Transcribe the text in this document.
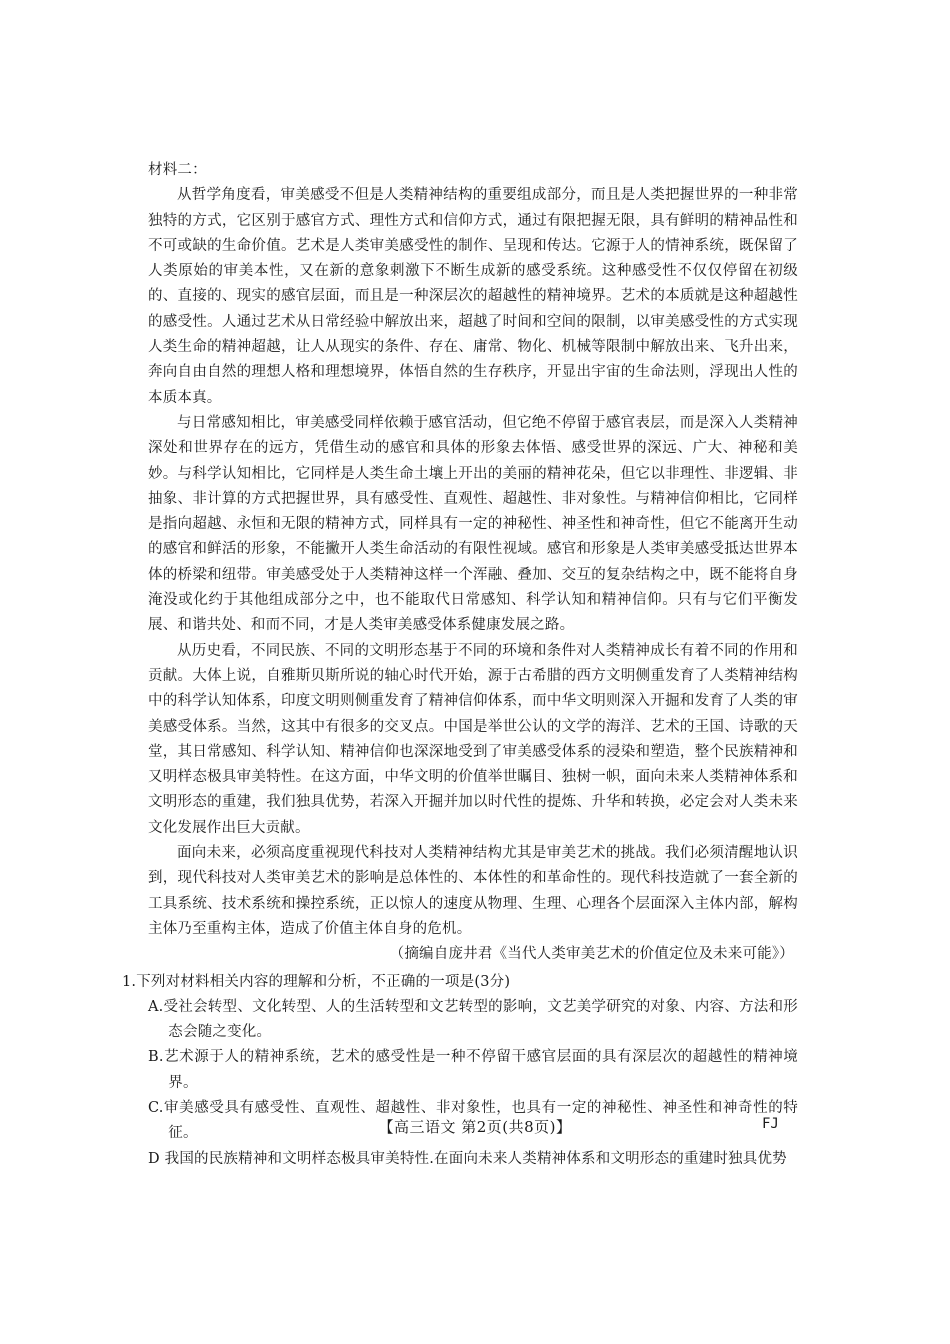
材料二：

从哲学角度看，审美感受不但是人类精神结构的重要组成部分，而且是人类把握世界的一种非常独特的方式，它区别于感官方式、理性方式和信仰方式，通过有限把握无限，具有鲜明的精神品性和不可或缺的生命价值。艺术是人类审美感受性的制作、呈现和传达。它源于人的情神系统，既保留了人类原始的审美本性，又在新的意象刺激下不断生成新的感受系统。这种感受性不仅仅停留在初级的、直接的、现实的感官层面，而且是一种深层次的超越性的精神境界。艺术的本质就是这种超越性的感受性。人通过艺术从日常经验中解放出来，超越了时间和空间的限制，以审美感受性的方式实现人类生命的精神超越，让人从现实的条件、存在、庸常、物化、机械等限制中解放出来、飞升出来，奔向自由自然的理想人格和理想境界，体悟自然的生存秩序，开显出宇宙的生命法则，浮现出人性的本质本真。

与日常感知相比，审美感受同样依赖于感官活动，但它绝不停留于感官表层，而是深入人类精神深处和世界存在的远方，凭借生动的感官和具体的形象去体悟、感受世界的深远、广大、神秘和美妙。与科学认知相比，它同样是人类生命土壤上开出的美丽的精神花朵，但它以非理性、非逻辑、非抽象、非计算的方式把握世界，具有感受性、直观性、超越性、非对象性。与精神信仰相比，它同样是指向超越、永恒和无限的精神方式，同样具有一定的神秘性、神圣性和神奇性，但它不能离开生动的感官和鲜活的形象，不能撇开人类生命活动的有限性视域。感官和形象是人类审美感受抵达世界本体的桥梁和纽带。审美感受处于人类精神这样一个浑融、叠加、交互的复杂结构之中，既不能将自身淹没或化约于其他组成部分之中，也不能取代日常感知、科学认知和精神信仰。只有与它们平衡发展、和谐共处、和而不同，才是人类审美感受体系健康发展之路。

从历史看，不同民族、不同的文明形态基于不同的环境和条件对人类精神成长有着不同的作用和贡献。大体上说，自雅斯贝斯所说的轴心时代开始，源于古希腊的西方文明侧重发育了人类精神结构中的科学认知体系，印度文明则侧重发育了精神信仰体系，而中华文明则深入开掘和发育了人类的审美感受体系。当然，这其中有很多的交叉点。中国是举世公认的文学的海洋、艺术的王国、诗歌的天堂，其日常感知、科学认知、精神信仰也深深地受到了审美感受体系的浸染和塑造，整个民族精神和又明样态极具审美特性。在这方面，中华文明的价值举世瞩目、独树一帜，面向未来人类精神体系和文明形态的重建，我们独具优势，若深入开掘并加以时代性的提炼、升华和转换，必定会对人类未来文化发展作出巨大贡献。

面向未来，必须高度重视现代科技对人类精神结构尤其是审美艺术的挑战。我们必须清醒地认识到，现代科技对人类审美艺术的影响是总体性的、本体性的和革命性的。现代科技造就了一套全新的工具系统、技术系统和操控系统，正以惊人的速度从物理、生理、心理各个层面深入主体内部，解构主体乃至重构主体，造成了价值主体自身的危机。

（摘编自庞井君《当代人类审美艺术的价值定位及未来可能》）

1.下列对材料相关内容的理解和分析，不正确的一项是(3分)

A.受社会转型、文化转型、人的生活转型和文艺转型的影响，文艺美学研究的对象、内容、方法和形态会随之变化。

B.艺术源于人的精神系统，艺术的感受性是一种不停留干感官层面的具有深层次的超越性的精神境界。

C.审美感受具有感受性、直观性、超越性、非对象性，也具有一定的神秘性、神圣性和神奇性的特征。

D 我国的民族精神和文明样态极具审美特性.在面向未来人类精神体系和文明形态的重建时独具优势

【高三语文 第2页(共8页)】	FJ
